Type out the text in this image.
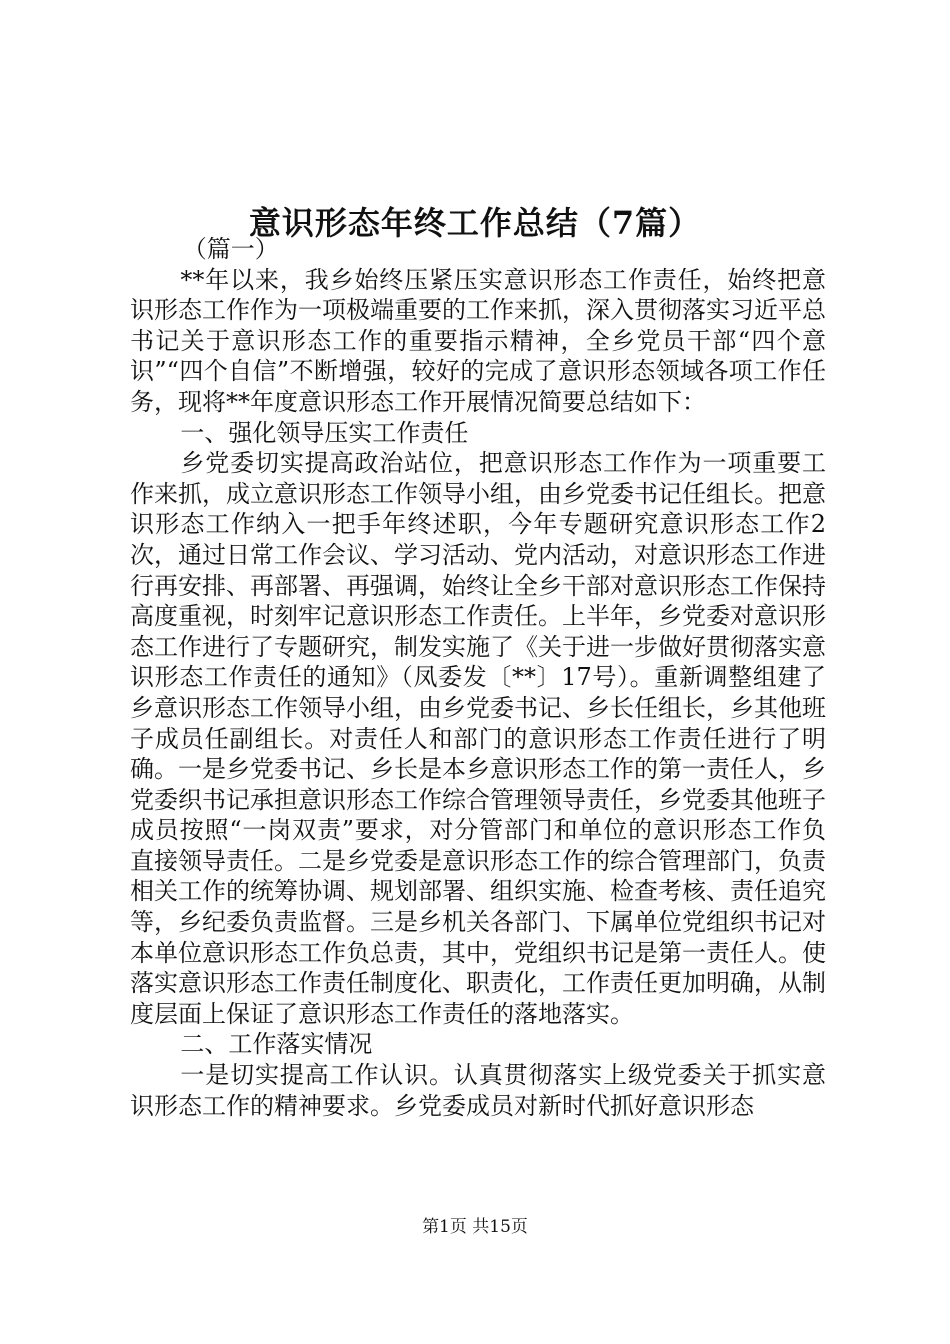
意识形态年终工作总结（7篇）

（篇一）

**年以来，我乡始终压紧压实意识形态工作责任，始终把意识形态工作作为一项极端重要的工作来抓，深入贯彻落实习近平总书记关于意识形态工作的重要指示精神，全乡党员干部“四个意识”“四个自信”不断增强，较好的完成了意识形态领域各项工作任务，现将**年度意识形态工作开展情况简要总结如下：

一、强化领导压实工作责任

乡党委切实提高政治站位，把意识形态工作作为一项重要工作来抓，成立意识形态工作领导小组，由乡党委书记任组长。把意识形态工作纳入一把手年终述职，今年专题研究意识形态工作2次，通过日常工作会议、学习活动、党内活动，对意识形态工作进行再安排、再部署、再强调，始终让全乡干部对意识形态工作保持高度重视，时刻牢记意识形态工作责任。上半年，乡党委对意识形态工作进行了专题研究，制发实施了《关于进一步做好贯彻落实意识形态工作责任的通知》（凤委发〔**〕17号）。重新调整组建了乡意识形态工作领导小组，由乡党委书记、乡长任组长，乡其他班子成员任副组长。对责任人和部门的意识形态工作责任进行了明确。一是乡党委书记、乡长是本乡意识形态工作的第一责任人，乡党委织书记承担意识形态工作综合管理领导责任，乡党委其他班子成员按照“一岗双责”要求，对分管部门和单位的意识形态工作负直接领导责任。二是乡党委是意识形态工作的综合管理部门，负责相关工作的统筹协调、规划部署、组织实施、检查考核、责任追究等，乡纪委负责监督。三是乡机关各部门、下属单位党组织书记对本单位意识形态工作负总责，其中，党组织书记是第一责任人。使落实意识形态工作责任制度化、职责化，工作责任更加明确，从制度层面上保证了意识形态工作责任的落地落实。

二、工作落实情况

一是切实提高工作认识。认真贯彻落实上级党委关于抓实意识形态工作的精神要求。乡党委成员对新时代抓好意识形态

第1页 共15页
